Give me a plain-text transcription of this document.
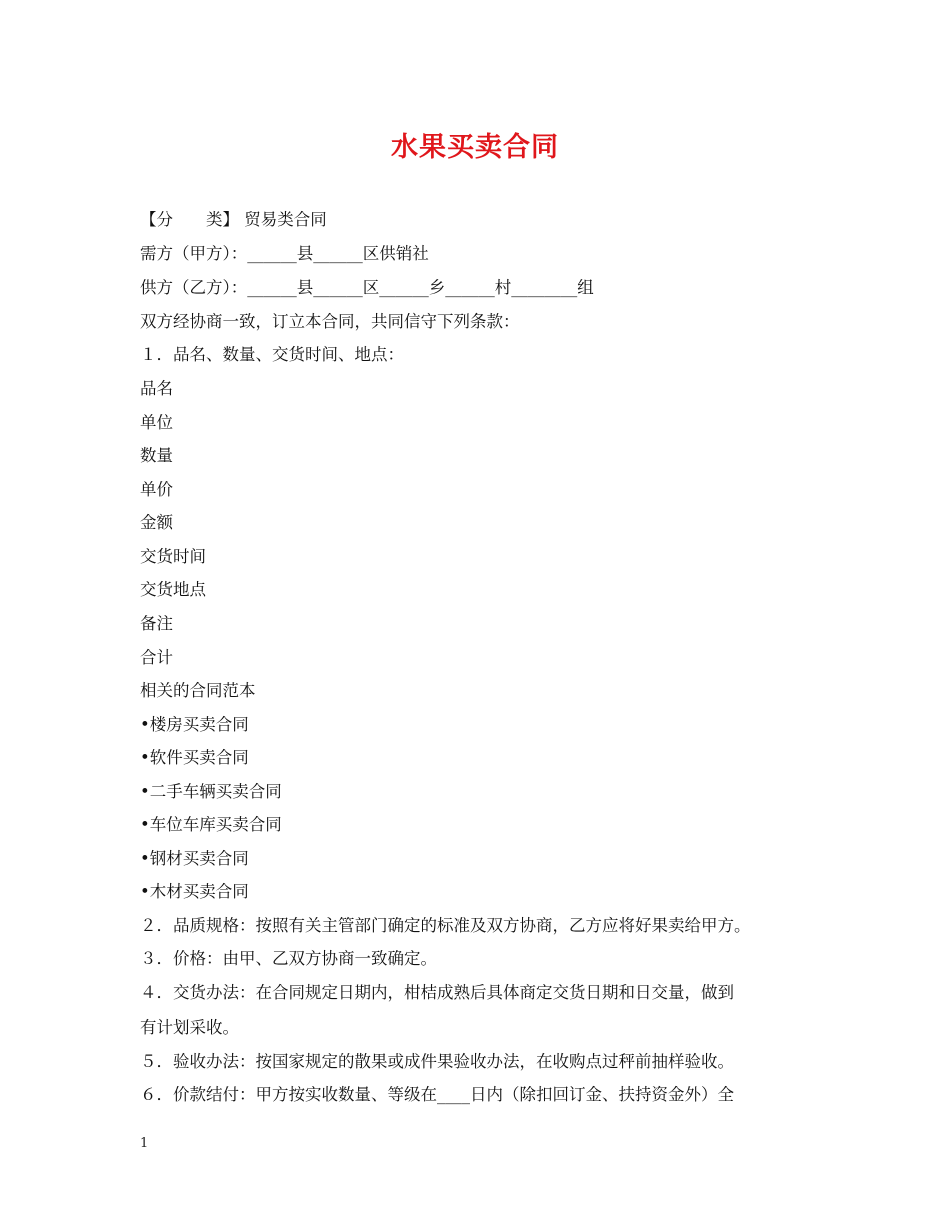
水果买卖合同
【分　　类】 贸易类合同
需方（甲方）：______县______区供销社
供方（乙方）：______县______区______乡______村________组
双方经协商一致，订立本合同，共同信守下列条款：
１．品名、数量、交货时间、地点：
品名
单位
数量
单价
金额
交货时间
交货地点
备注
合计
相关的合同范本
•楼房买卖合同
•软件买卖合同
•二手车辆买卖合同
•车位车库买卖合同
•钢材买卖合同
•木材买卖合同
２．品质规格：按照有关主管部门确定的标准及双方协商，乙方应将好果卖给甲方。
３．价格：由甲、乙双方协商一致确定。
４．交货办法：在合同规定日期内，柑桔成熟后具体商定交货日期和日交量，做到
有计划采收。
５．验收办法：按国家规定的散果或成件果验收办法，在收购点过秤前抽样验收。
６．价款结付：甲方按实收数量、等级在____日内（除扣回订金、扶持资金外）全
1
